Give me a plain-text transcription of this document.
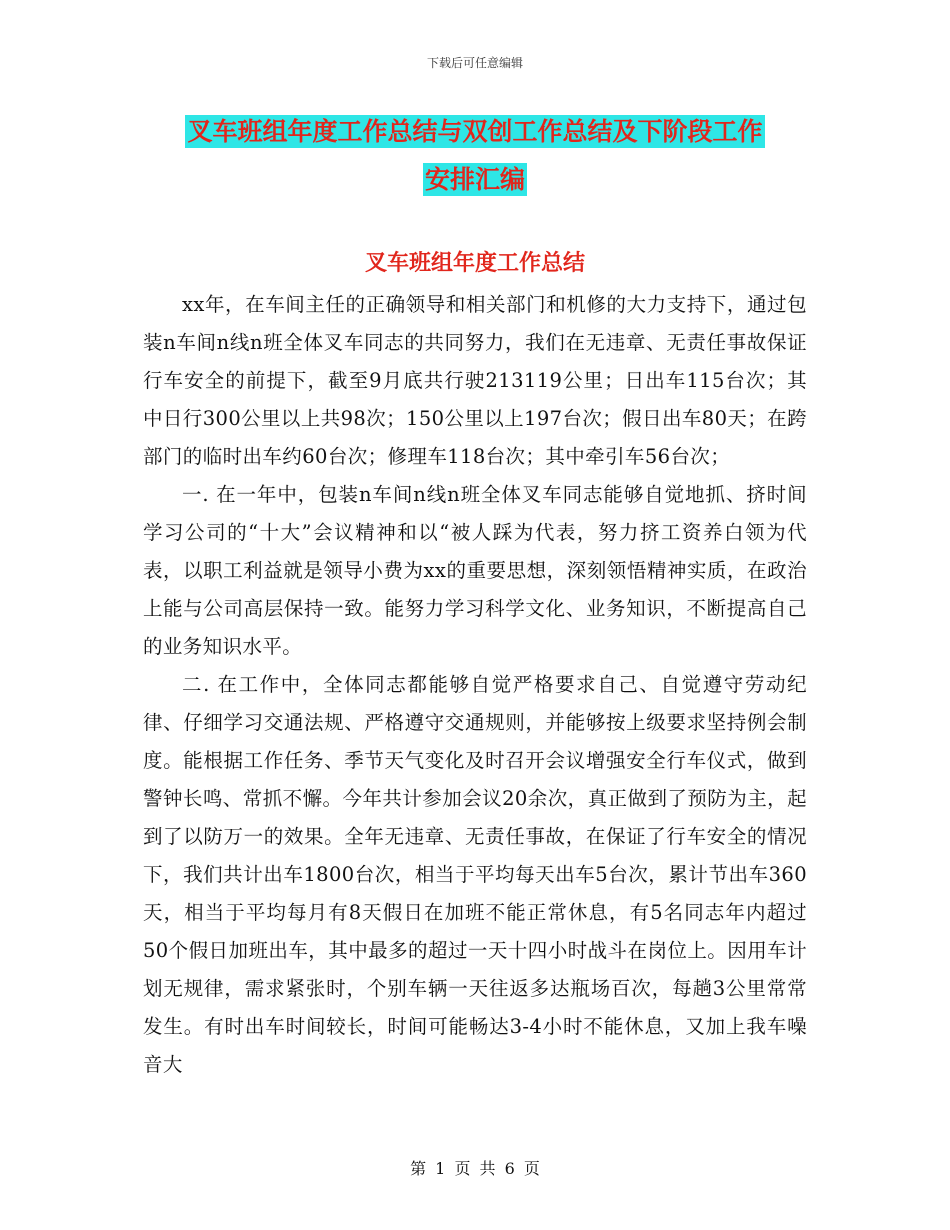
下载后可任意编辑
叉车班组年度工作总结与双创工作总结及下阶段工作
安排汇编
叉车班组年度工作总结

xx年，在车间主任的正确领导和相关部门和机修的大力支持下，通过包装n车间n线n班全体叉车同志的共同努力，我们在无违章、无责任事故保证行车安全的前提下，截至9月底共行驶213119公里；日出车115台次；其中日行300公里以上共98次；150公里以上197台次；假日出车80天；在跨部门的临时出车约60台次；修理车118台次；其中牵引车56台次；

一. 在一年中，包装n车间n线n班全体叉车同志能够自觉地抓、挤时间学习公司的“十大”会议精神和以“被人踩为代表，努力挤工资养白领为代表，以职工利益就是领导小费为xx的重要思想，深刻领悟精神实质，在政治上能与公司高层保持一致。能努力学习科学文化、业务知识，不断提高自己的业务知识水平。

二. 在工作中，全体同志都能够自觉严格要求自己、自觉遵守劳动纪律、仔细学习交通法规、严格遵守交通规则，并能够按上级要求坚持例会制度。能根据工作任务、季节天气变化及时召开会议增强安全行车仪式，做到警钟长鸣、常抓不懈。今年共计参加会议20余次，真正做到了预防为主，起到了以防万一的效果。全年无违章、无责任事故，在保证了行车安全的情况下，我们共计出车1800台次，相当于平均每天出车5台次，累计节出车360天，相当于平均每月有8天假日在加班不能正常休息，有5名同志年内超过50个假日加班出车，其中最多的超过一天十四小时战斗在岗位上。因用车计划无规律，需求紧张时，个别车辆一天往返多达瓶场百次，每趟3公里常常发生。有时出车时间较长，时间可能畅达3-4小时不能休息，又加上我车噪音大

第 1 页 共 6 页
